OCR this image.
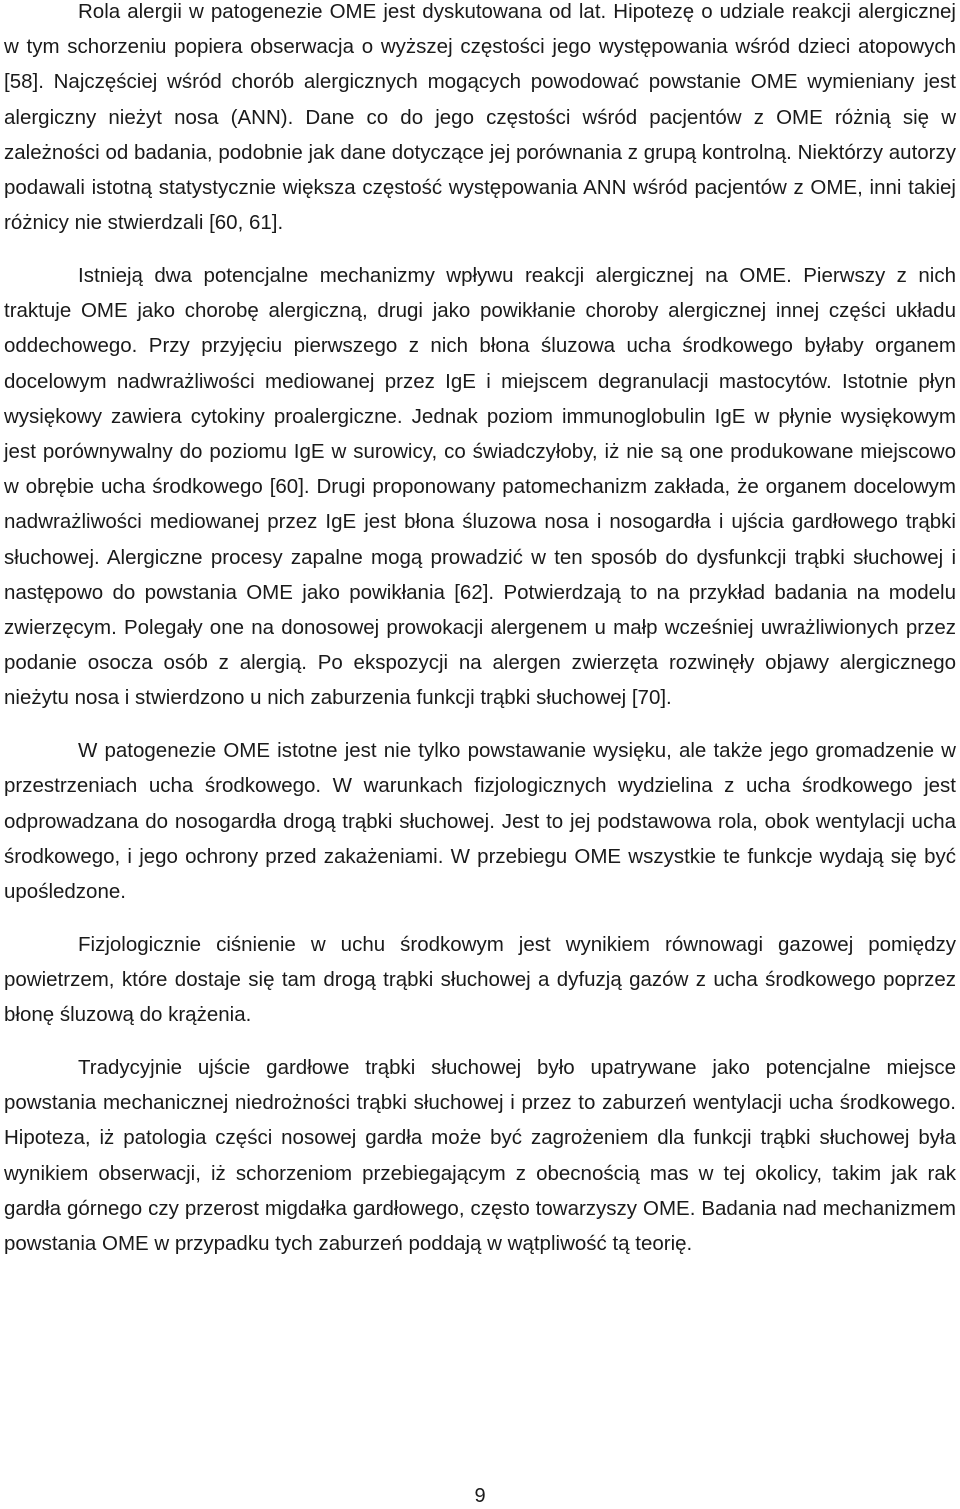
Rola alergii w patogenezie OME jest dyskutowana od lat. Hipotezę o udziale reakcji alergicznej w tym schorzeniu popiera obserwacja o wyższej częstości jego występowania wśród dzieci atopowych [58]. Najczęściej wśród chorób alergicznych mogących powodować powstanie OME wymieniany jest alergiczny nieżyt nosa (ANN). Dane co do jego częstości wśród pacjentów z OME różnią się w zależności od badania, podobnie jak dane dotyczące jej porównania z grupą kontrolną. Niektórzy autorzy podawali istotną statystycznie większa częstość występowania ANN wśród pacjentów z OME, inni takiej różnicy nie stwierdzali [60, 61].

Istnieją dwa potencjalne mechanizmy wpływu reakcji alergicznej na OME. Pierwszy z nich traktuje OME jako chorobę alergiczną, drugi jako powikłanie choroby alergicznej innej części układu oddechowego. Przy przyjęciu pierwszego z nich błona śluzowa ucha środkowego byłaby organem docelowym nadwrażliwości mediowanej przez IgE i miejscem degranulacji mastocytów. Istotnie płyn wysiękowy zawiera cytokiny proalergiczne. Jednak poziom immunoglobulin IgE w płynie wysiękowym jest porównywalny do poziomu IgE w surowicy, co świadczyłoby, iż nie są one produkowane miejscowo w obrębie ucha środkowego [60]. Drugi proponowany patomechanizm zakłada, że organem docelowym nadwrażliwości mediowanej przez IgE jest błona śluzowa nosa i nosogardła i ujścia gardłowego trąbki słuchowej. Alergiczne procesy zapalne mogą prowadzić w ten sposób do dysfunkcji trąbki słuchowej i następowo do powstania OME jako powikłania [62]. Potwierdzają to na przykład badania na modelu zwierzęcym. Polegały one na donosowej prowokacji alergenem u małp wcześniej uwrażliwionych przez podanie osocza osób z alergią. Po ekspozycji na alergen zwierzęta rozwinęły objawy alergicznego nieżytu nosa i stwierdzono u nich zaburzenia funkcji trąbki słuchowej [70].

W patogenezie OME istotne jest nie tylko powstawanie wysięku, ale także jego gromadzenie w przestrzeniach ucha środkowego. W warunkach fizjologicznych wydzielina z ucha środkowego jest odprowadzana do nosogardła drogą trąbki słuchowej. Jest to jej podstawowa rola, obok wentylacji ucha środkowego, i jego ochrony przed zakażeniami. W przebiegu OME wszystkie te funkcje wydają się być upośledzone.

Fizjologicznie ciśnienie w uchu środkowym jest wynikiem równowagi gazowej pomiędzy powietrzem, które dostaje się tam drogą trąbki słuchowej a dyfuzją gazów z ucha środkowego poprzez błonę śluzową do krążenia.

Tradycyjnie ujście gardłowe trąbki słuchowej było upatrywane jako potencjalne miejsce powstania mechanicznej niedrożności trąbki słuchowej i przez to zaburzeń wentylacji ucha środkowego. Hipoteza, iż patologia części nosowej gardła może być zagrożeniem dla funkcji trąbki słuchowej była wynikiem obserwacji, iż schorzeniom przebiegającym z obecnością mas w tej okolicy, takim jak rak gardła górnego czy przerost migdałka gardłowego, często towarzyszy OME. Badania nad mechanizmem powstania OME w przypadku tych zaburzeń poddają w wątpliwość tą teorię.

9
